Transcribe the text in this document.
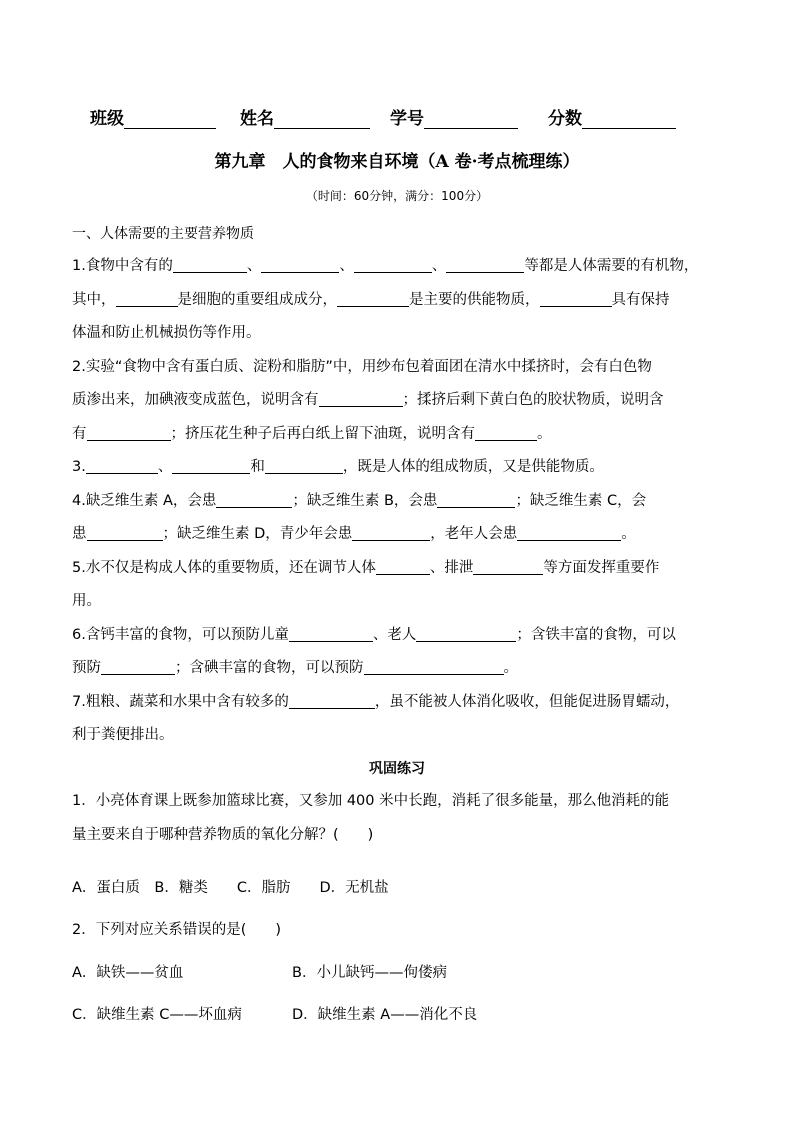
班级	姓名	学号	分数
第九章　人的食物来自环境（A 卷·考点梳理练）
（时间：60分钟，满分：100分）
一、人体需要的主要营养物质

1.食物中含有的	、	、	、	等都是人体需要的有机物，

其中，	是细胞的重要组成成分，	是主要的供能物质，	具有保持

体温和防止机械损伤等作用。

2.实验“食物中含有蛋白质、淀粉和脂肪”中，用纱布包着面团在清水中揉挤时，会有白色物

质渗出来，加碘液变成蓝色，说明含有	；揉挤后剩下黄白色的胶状物质，说明含

有	；挤压花生种子后再白纸上留下油斑，说明含有	。

3.	、	和	，既是人体的组成物质，又是供能物质。

4.缺乏维生素 A，会患	；缺乏维生素 B，会患	；缺乏维生素 C，会

患	；缺乏维生素 D，青少年会患	，老年人会患	。

5.水不仅是构成人体的重要物质，还在调节人体	、排泄	等方面发挥重要作

用。

6.含钙丰富的食物，可以预防儿童	、老人	；含铁丰富的食物，可以

预防	；含碘丰富的食物，可以预防	。

7.粗粮、蔬菜和水果中含有较多的	，虽不能被人体消化吸收，但能促进肠胃蠕动，

利于粪便排出。

巩固练习

1．小亮体育课上既参加篮球比赛，又参加 400 米中长跑，消耗了很多能量，那么他消耗的能

量主要来自于哪种营养物质的氧化分解？(　　)

A．蛋白质　B．糖类　　C．脂肪　　D．无机盐
2．下列对应关系错误的是(　　)
A．缺铁——贫血	B．小儿缺钙——佝偻病
C．缺维生素 C——坏血病	D．缺维生素 A——消化不良
